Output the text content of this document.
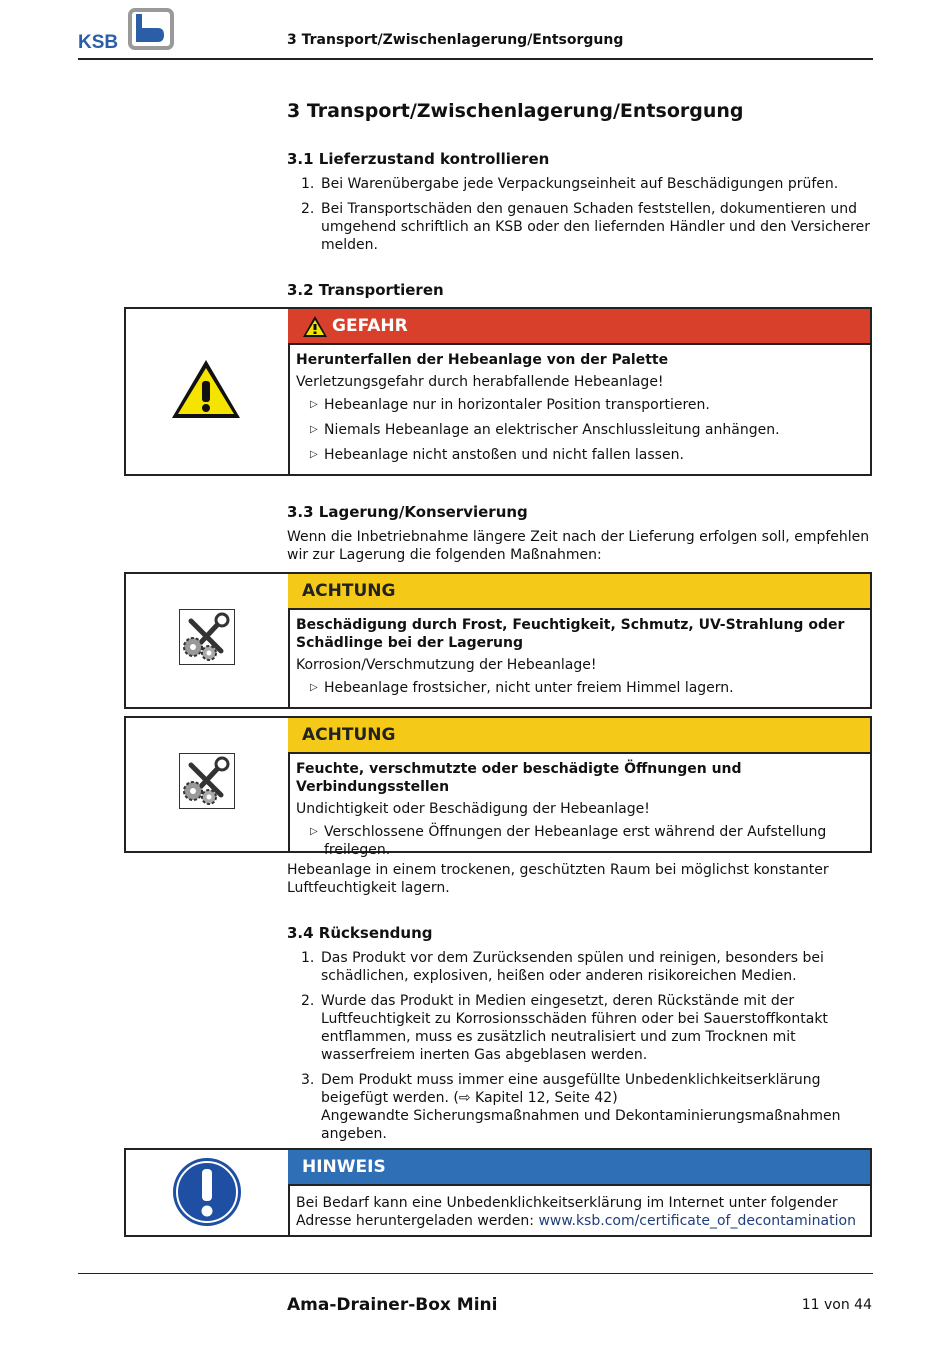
KSB	3 Transport/Zwischenlagerung/Entsorgung
3 Transport/Zwischenlagerung/Entsorgung
3.1 Lieferzustand kontrollieren
1. Bei Warenübergabe jede Verpackungseinheit auf Beschädigungen prüfen.
2. Bei Transportschäden den genauen Schaden feststellen, dokumentieren und umgehend schriftlich an KSB oder den liefernden Händler und den Versicherer melden.
3.2 Transportieren
GEFAHR
Herunterfallen der Hebeanlage von der Palette
Verletzungsgefahr durch herabfallende Hebeanlage!
▷ Hebeanlage nur in horizontaler Position transportieren.
▷ Niemals Hebeanlage an elektrischer Anschlussleitung anhängen.
▷ Hebeanlage nicht anstoßen und nicht fallen lassen.
3.3 Lagerung/Konservierung
Wenn die Inbetriebnahme längere Zeit nach der Lieferung erfolgen soll, empfehlen wir zur Lagerung die folgenden Maßnahmen:
ACHTUNG
Beschädigung durch Frost, Feuchtigkeit, Schmutz, UV-Strahlung oder Schädlinge bei der Lagerung
Korrosion/Verschmutzung der Hebeanlage!
▷ Hebeanlage frostsicher, nicht unter freiem Himmel lagern.
ACHTUNG
Feuchte, verschmutzte oder beschädigte Öffnungen und Verbindungsstellen
Undichtigkeit oder Beschädigung der Hebeanlage!
▷ Verschlossene Öffnungen der Hebeanlage erst während der Aufstellung freilegen.
Hebeanlage in einem trockenen, geschützten Raum bei möglichst konstanter Luftfeuchtigkeit lagern.
3.4 Rücksendung
1. Das Produkt vor dem Zurücksenden spülen und reinigen, besonders bei schädlichen, explosiven, heißen oder anderen risikoreichen Medien.
2. Wurde das Produkt in Medien eingesetzt, deren Rückstände mit der Luftfeuchtigkeit zu Korrosionsschäden führen oder bei Sauerstoffkontakt entflammen, muss es zusätzlich neutralisiert und zum Trocknen mit wasserfreiem inerten Gas abgeblasen werden.
3. Dem Produkt muss immer eine ausgefüllte Unbedenklichkeitserklärung beigefügt werden. (⇨ Kapitel 12, Seite 42)
Angewandte Sicherungsmaßnahmen und Dekontaminierungsmaßnahmen angeben.
HINWEIS
Bei Bedarf kann eine Unbedenklichkeitserklärung im Internet unter folgender Adresse heruntergeladen werden: www.ksb.com/certificate_of_decontamination
Ama-Drainer-Box Mini	11 von 44
